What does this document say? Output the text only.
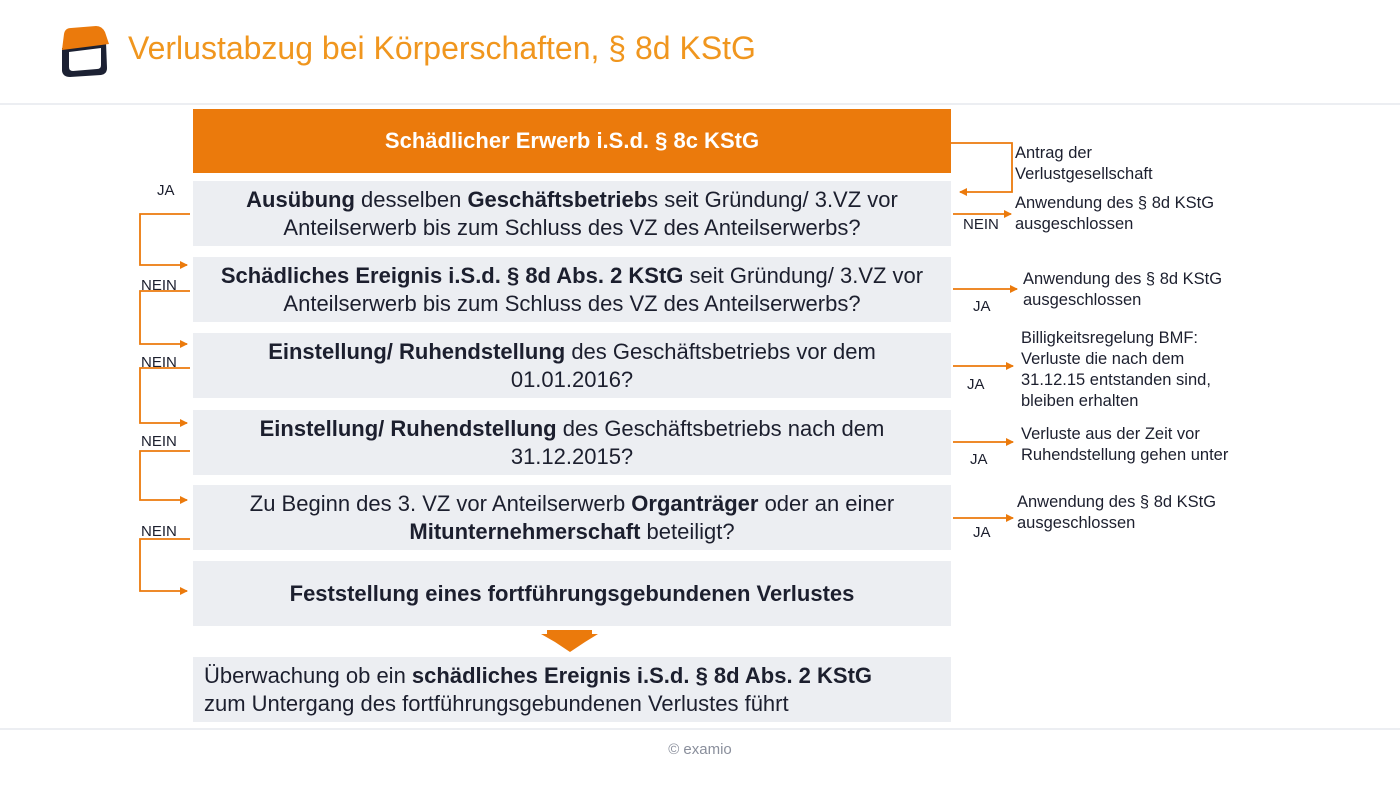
Verlustabzug bei Körperschaften, § 8d KStG
Schädlicher Erwerb i.S.d. § 8c KStG
Ausübung desselben Geschäftsbetriebs seit Gründung/ 3.VZ vor Anteilserwerb bis zum Schluss des VZ des Anteilserwerbs?
Schädliches Ereignis i.S.d. § 8d Abs. 2 KStG seit Gründung/ 3.VZ vor Anteilserwerb bis zum Schluss des VZ des Anteilserwerbs?
Einstellung/ Ruhendstellung des Geschäftsbetriebs vor dem 01.01.2016?
Einstellung/ Ruhendstellung des Geschäftsbetriebs nach dem 31.12.2015?
Zu Beginn des 3. VZ vor Anteilserwerb Organträger oder an einer Mitunternehmerschaft beteiligt?
Feststellung eines fortführungsgebundenen Verlustes
Überwachung ob ein schädliches Ereignis i.S.d. § 8d Abs. 2 KStG
zum Untergang des fortführungsgebundenen Verlustes führt
JA
NEIN
NEIN
NEIN
NEIN
NEIN
JA
JA
JA
JA
Antrag der Verlustgesellschaft
Anwendung des § 8d KStG ausgeschlossen
Anwendung des § 8d KStG ausgeschlossen
Billigkeitsregelung BMF: Verluste die nach dem 31.12.15 entstanden sind, bleiben erhalten
Verluste aus der Zeit vor Ruhendstellung gehen unter
Anwendung des § 8d KStG ausgeschlossen
© examio
